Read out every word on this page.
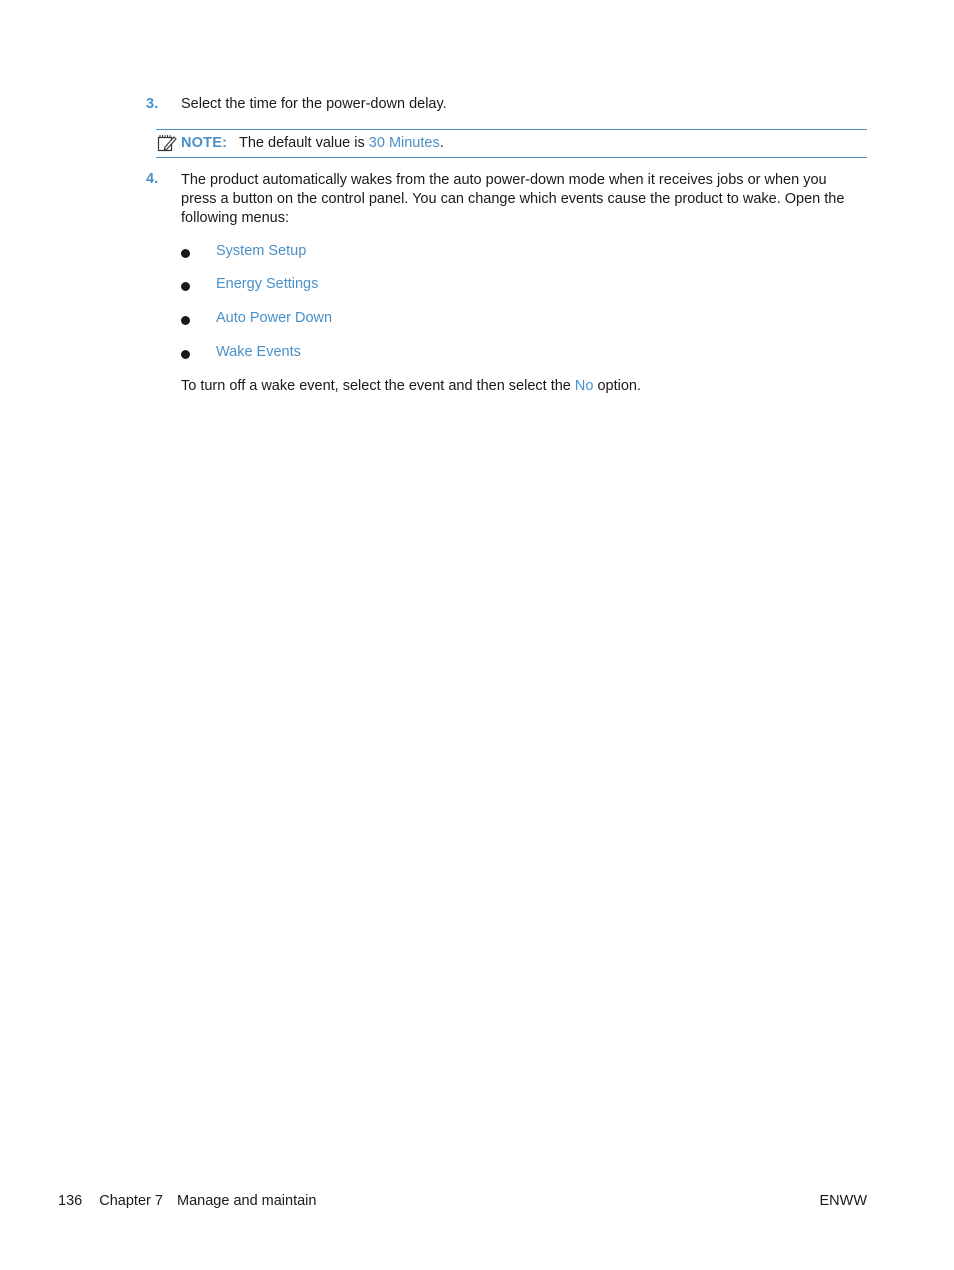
3. Select the time for the power-down delay.
NOTE: The default value is 30 Minutes.
4. The product automatically wakes from the auto power-down mode when it receives jobs or when you
press a button on the control panel. You can change which events cause the product to wake. Open the
following menus:
System Setup
Energy Settings
Auto Power Down
Wake Events
To turn off a wake event, select the event and then select the No option.
136 Chapter 7 Manage and maintain	ENWW
